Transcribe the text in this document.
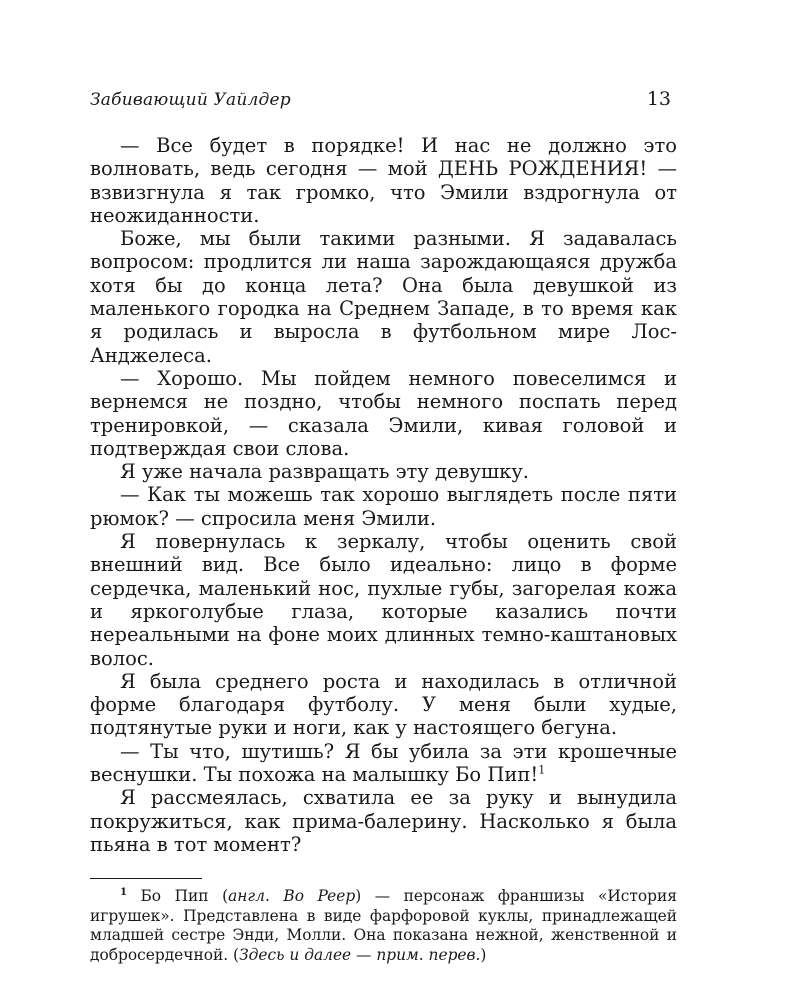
Забивающий Уайлдер	13

— Все будет в порядке! И нас не должно это волновать, ведь сегодня — мой ДЕНЬ РОЖДЕНИЯ! — взвизгнула я так громко, что Эмили вздрогнула от неожиданности.

Боже, мы были такими разными. Я задавалась вопросом: продлится ли наша зарождающаяся дружба хотя бы до конца лета? Она была девушкой из маленького городка на Среднем Западе, в то время как я родилась и выросла в футбольном мире Лос-Анджелеса.

— Хорошо. Мы пойдем немного повеселимся и вернемся не поздно, чтобы немного поспать перед тренировкой, — сказала Эмили, кивая головой и подтверждая свои слова.

Я уже начала развращать эту девушку.

— Как ты можешь так хорошо выглядеть после пяти рюмок? — спросила меня Эмили.

Я повернулась к зеркалу, чтобы оценить свой внешний вид. Все было идеально: лицо в форме сердечка, маленький нос, пухлые губы, загорелая кожа и яркоголубые глаза, которые казались почти нереальными на фоне моих длинных темно-каштановых волос.

Я была среднего роста и находилась в отличной форме благодаря футболу. У меня были худые, подтянутые руки и ноги, как у настоящего бегуна.

— Ты что, шутишь? Я бы убила за эти крошечные веснушки. Ты похожа на малышку Бо Пип!$^1$

Я рассмеялась, схватила ее за руку и вынудила покружиться, как прима-балерину. Насколько я была пьяна в тот момент?

$^1$ Бо Пип (англ. Bo Peep) — персонаж франшизы «История игрушек». Представлена в виде фарфоровой куклы, принадлежащей младшей сестре Энди, Молли. Она показана нежной, женственной и добросердечной. (Здесь и далее — прим. перев.)
